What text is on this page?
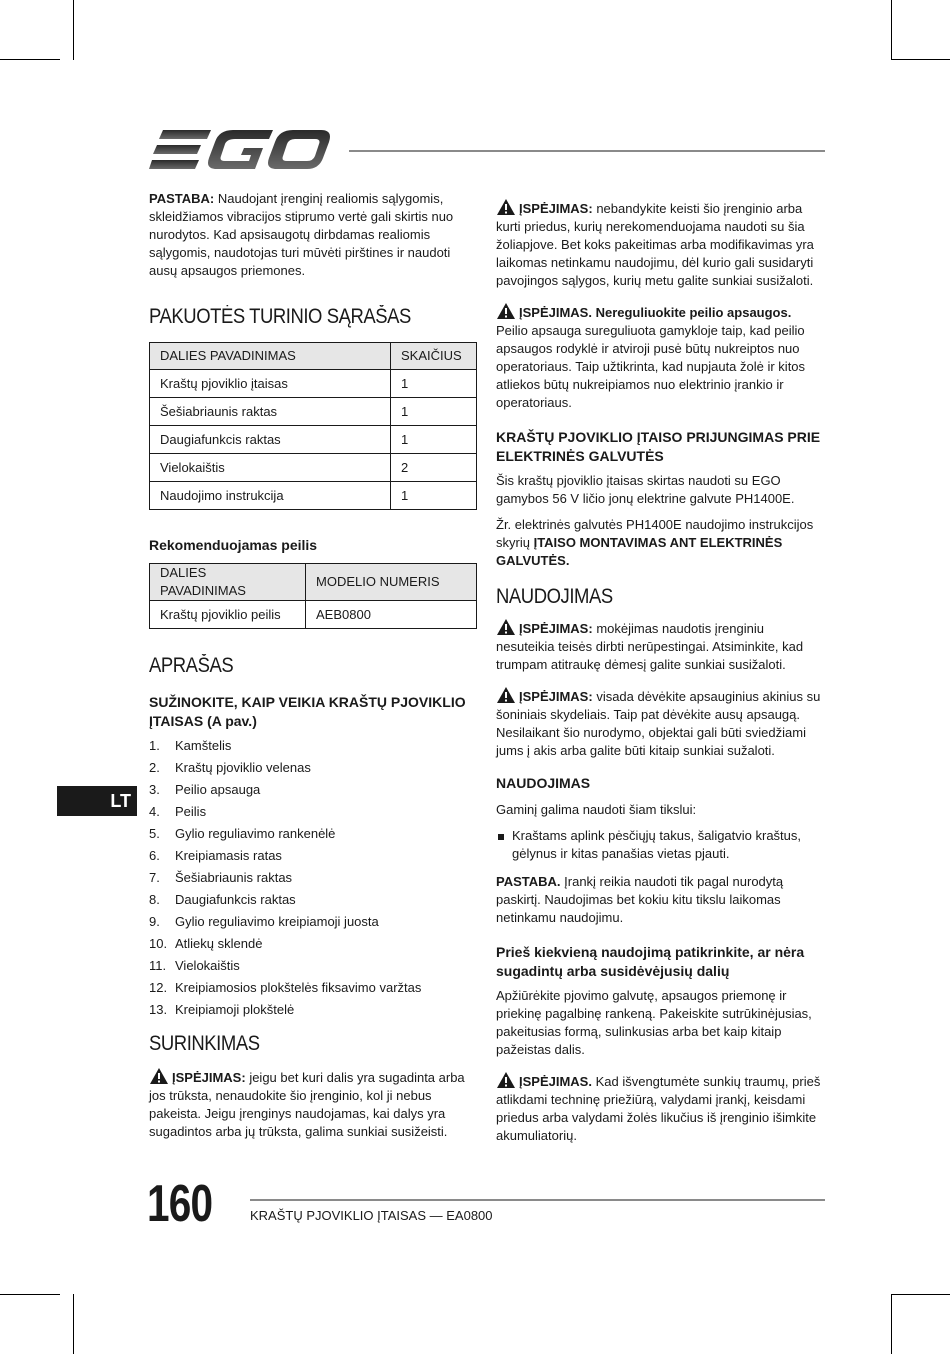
PASTABA: Naudojant įrenginį realiomis sąlygomis, skleidžiamos vibracijos stiprumo vertė gali skirtis nuo nurodytos. Kad apsisaugotų dirbdamas realiomis sąlygomis, naudotojas turi mūvėti pirštines ir naudoti ausų apsaugos priemones.

PAKUOTĖS TURINIO SĄRAŠAS
DALIES PAVADINIMAS	SKAIČIUS
Kraštų pjoviklio įtaisas	1
Šešiabriaunis raktas	1
Daugiafunkcis raktas	1
Vielokaištis	2
Naudojimo instrukcija	1
Rekomenduojamas peilis
DALIES PAVADINIMAS	MODELIO NUMERIS
Kraštų pjoviklio peilis	AEB0800
APRAŠAS
SUŽINOKITE, KAIP VEIKIA KRAŠTŲ PJOVIKLIO ĮTAISAS (A pav.)
1.	Kamštelis
2.	Kraštų pjoviklio velenas
3.	Peilio apsauga
4.	Peilis
5.	Gylio reguliavimo rankenėlė
6.	Kreipiamasis ratas
7.	Šešiabriaunis raktas
8.	Daugiafunkcis raktas
9.	Gylio reguliavimo kreipiamoji juosta
10. Atliekų sklendė
11. Vielokaištis
12. Kreipiamosios plokštelės fiksavimo varžtas
13. Kreipiamoji plokštelė
SURINKIMAS

ĮSPĖJIMAS: jeigu bet kuri dalis yra sugadinta arba jos trūksta, nenaudokite šio įrenginio, kol ji nebus pakeista. Jeigu įrenginys naudojamas, kai dalys yra sugadintos arba jų trūksta, galima sunkiai susižeisti.

LT

ĮSPĖJIMAS: nebandykite keisti šio įrenginio arba kurti priedus, kurių nerekomenduojama naudoti su šia žoliapjove. Bet koks pakeitimas arba modifikavimas yra laikomas netinkamu naudojimu, dėl kurio gali susidaryti pavojingos sąlygos, kurių metu galite sunkiai susižaloti.

ĮSPĖJIMAS. Nereguliuokite peilio apsaugos. Peilio apsauga sureguliuota gamykloje taip, kad peilio apsaugos rodyklė ir atviroji pusė būtų nukreiptos nuo operatoriaus. Taip užtikrinta, kad nupjauta žolė ir kitos atliekos būtų nukreipiamos nuo elektrinio įrankio ir operatoriaus.

KRAŠTŲ PJOVIKLIO ĮTAISO PRIJUNGIMAS PRIE ELEKTRINĖS GALVUTĖS

Šis kraštų pjoviklio įtaisas skirtas naudoti su EGO gamybos 56 V ličio jonų elektrine galvute PH1400E.

Žr. elektrinės galvutės PH1400E naudojimo instrukcijos skyrių ĮTAISO MONTAVIMAS ANT ELEKTRINĖS GALVUTĖS.

NAUDOJIMAS

ĮSPĖJIMAS: mokėjimas naudotis įrenginiu nesuteikia teisės dirbti nerūpestingai. Atsiminkite, kad trumpam atitraukę dėmesį galite sunkiai susižaloti.

ĮSPĖJIMAS: visada dėvėkite apsauginius akinius su šoniniais skydeliais. Taip pat dėvėkite ausų apsaugą. Nesilaikant šio nurodymo, objektai gali būti sviedžiami jums į akis arba galite būti kitaip sunkiai sužaloti.

NAUDOJIMAS

Gaminį galima naudoti šiam tikslui:

Kraštams aplink pėsčiųjų takus, šaligatvio kraštus, gėlynus ir kitas panašias vietas pjauti.

PASTABA. Įrankį reikia naudoti tik pagal nurodytą paskirtį. Naudojimas bet kokiu kitu tikslu laikomas netinkamu naudojimu.

Prieš kiekvieną naudojimą patikrinkite, ar nėra sugadintų arba susidėvėjusių dalių

Apžiūrėkite pjovimo galvutę, apsaugos priemonę ir priekinę pagalbinę rankeną. Pakeiskite sutrūkinėjusias, pakeitusias formą, sulinkusias arba bet kaip kitaip pažeistas dalis.

ĮSPĖJIMAS. Kad išvengtumėte sunkių traumų, prieš atlikdami techninę priežiūrą, valydami įrankį, keisdami priedus arba valydami žolės likučius iš įrenginio išimkite akumuliatorių.

160	KRAŠTŲ PJOVIKLIO ĮTAISAS — EA0800
